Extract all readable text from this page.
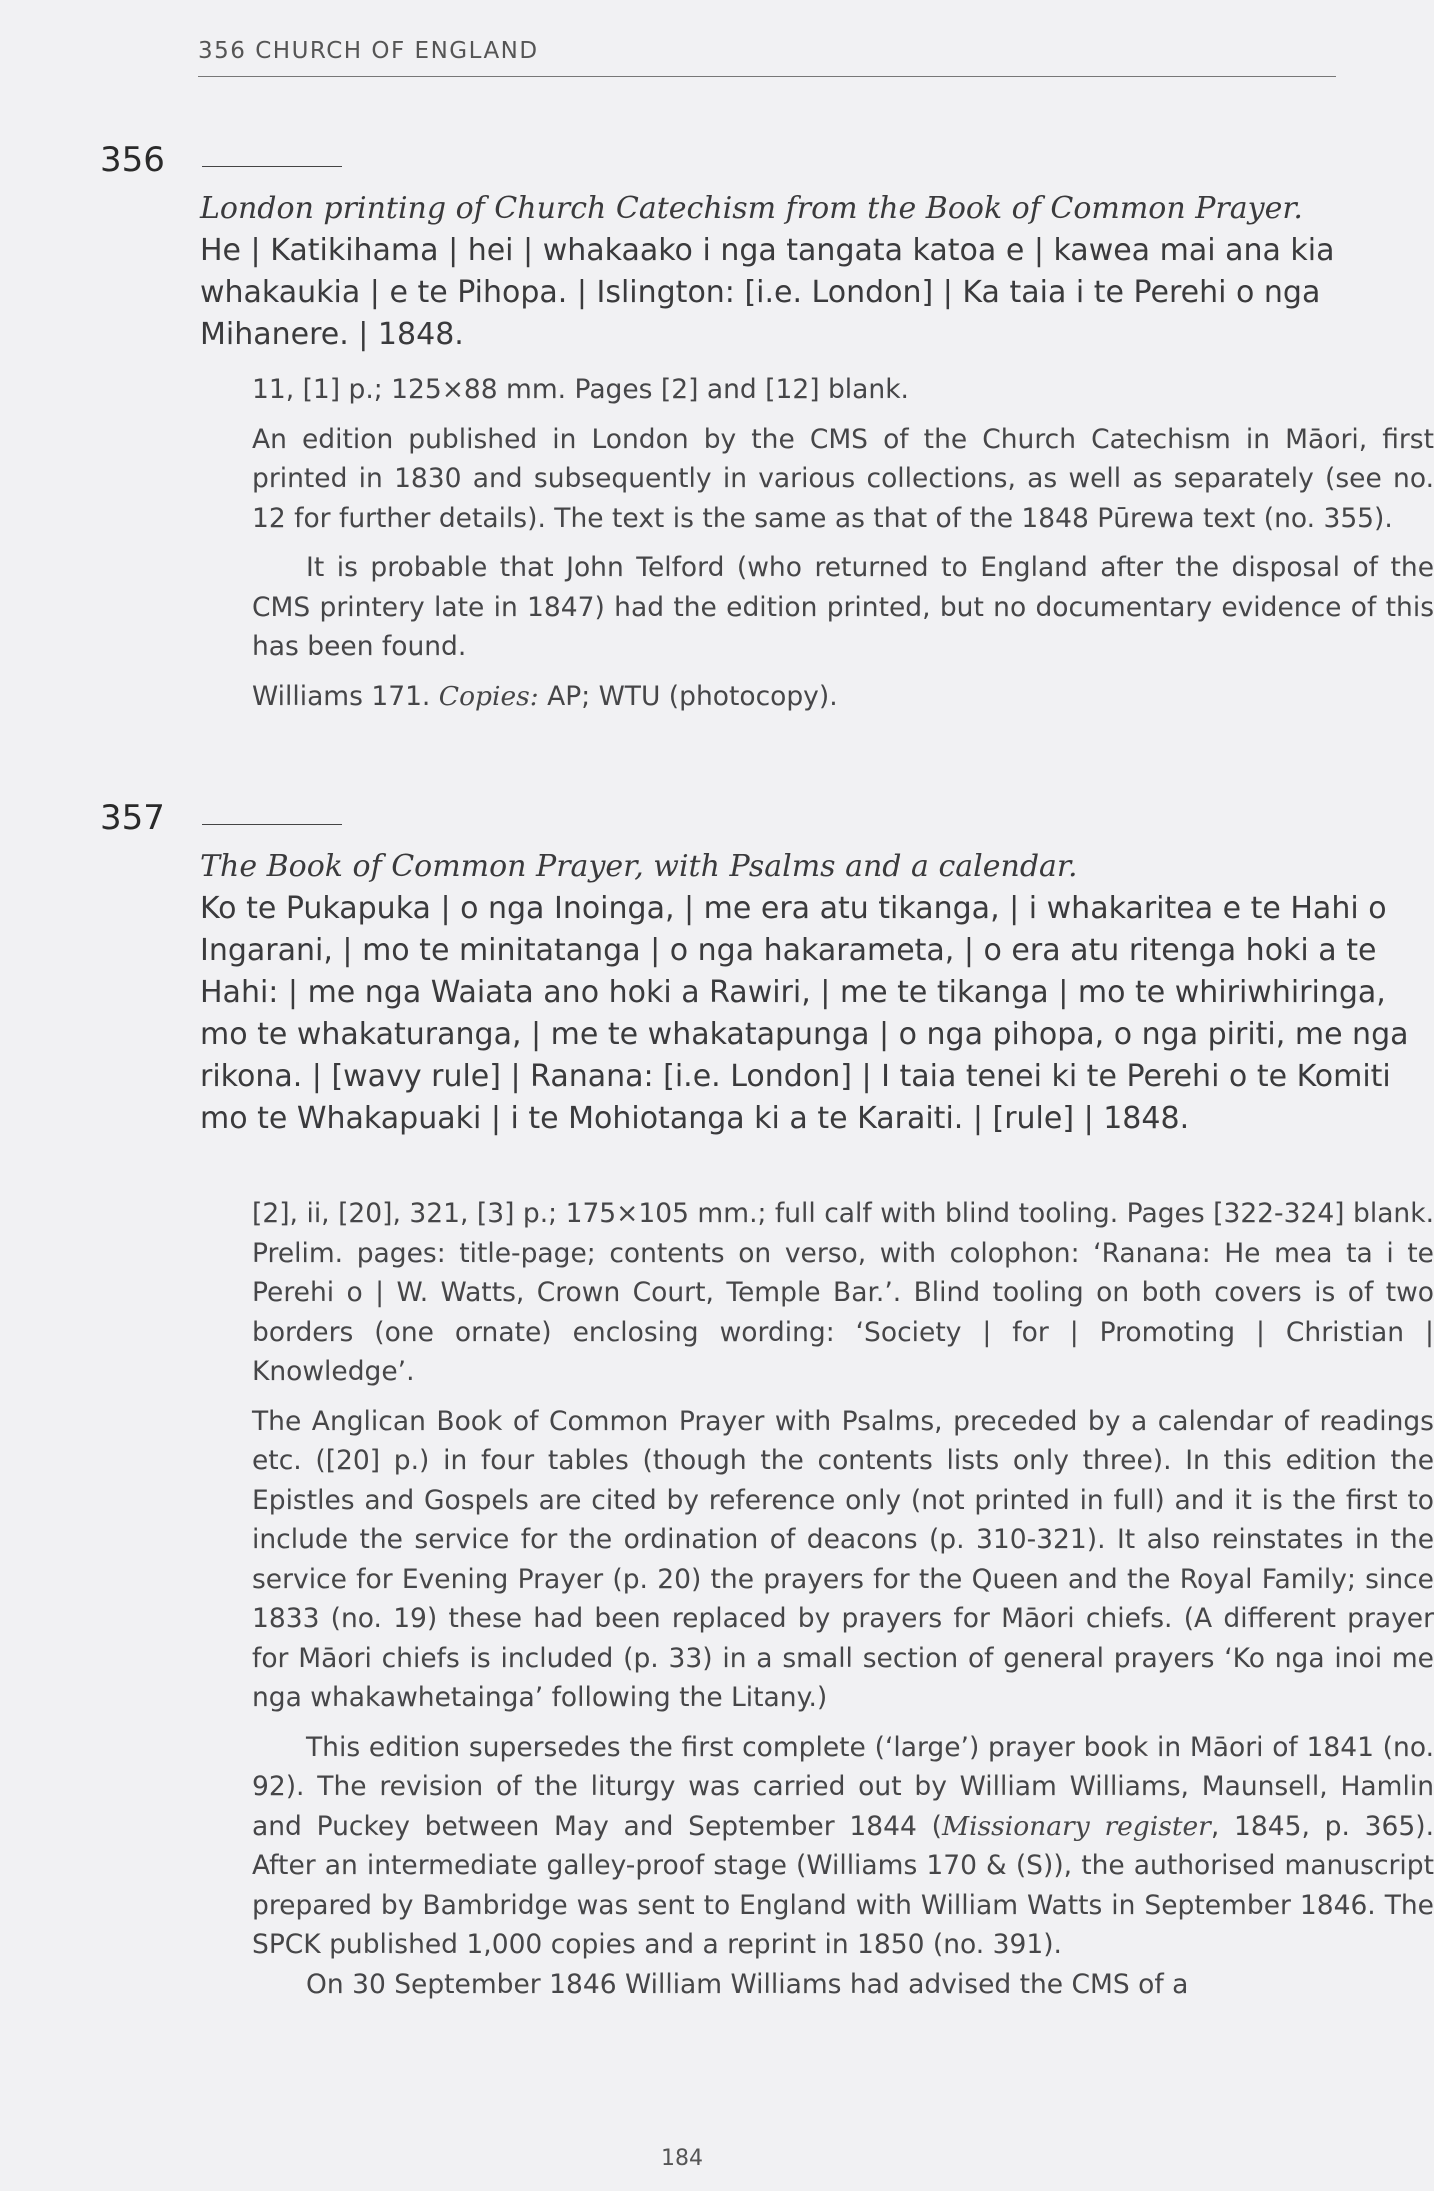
356 CHURCH OF ENGLAND
356
London printing of Church Catechism from the Book of Common Prayer.
He | Katikihama | hei | whakaako i nga tangata katoa e | kawea mai ana kia whakaukia | e te Pihopa. | Islington: [i.e. London] | Ka taia i te Perehi o nga Mihanere. | 1848.

11, [1] p.; 125×88 mm. Pages [2] and [12] blank.

An edition published in London by the CMS of the Church Catechism in Māori, first printed in 1830 and subsequently in various collections, as well as separately (see no. 12 for further details). The text is the same as that of the 1848 Pūrewa text (no. 355).

It is probable that John Telford (who returned to England after the disposal of the CMS printery late in 1847) had the edition printed, but no documentary evidence of this has been found.

Williams 171. Copies: AP; WTU (photocopy).

357
The Book of Common Prayer, with Psalms and a calendar.
Ko te Pukapuka | o nga Inoinga, | me era atu tikanga, | i whakaritea e te Hahi o Ingarani, | mo te minitatanga | o nga hakarameta, | o era atu ritenga hoki a te Hahi: | me nga Waiata ano hoki a Rawiri, | me te tikanga | mo te whiriwhiringa, mo te whakaturanga, | me te whakatapunga | o nga pihopa, o nga piriti, me nga rikona. | [wavy rule] | Ranana: [i.e. London] | I taia tenei ki te Perehi o te Komiti mo te Whakapuaki | i te Mohiotanga ki a te Karaiti. | [rule] | 1848.

[2], ii, [20], 321, [3] p.; 175×105 mm.; full calf with blind tooling. Pages [322-324] blank. Prelim. pages: title-page; contents on verso, with colophon: ‘Ranana: He mea ta i te Perehi o | W. Watts, Crown Court, Temple Bar.’. Blind tooling on both covers is of two borders (one ornate) enclosing wording: ‘Society | for | Promoting | Christian | Knowledge’.

The Anglican Book of Common Prayer with Psalms, preceded by a calendar of readings etc. ([20] p.) in four tables (though the contents lists only three). In this edition the Epistles and Gospels are cited by reference only (not printed in full) and it is the first to include the service for the ordination of deacons (p. 310-321). It also reinstates in the service for Evening Prayer (p. 20) the prayers for the Queen and the Royal Family; since 1833 (no. 19) these had been replaced by prayers for Māori chiefs. (A different prayer for Māori chiefs is included (p. 33) in a small section of general prayers ‘Ko nga inoi me nga whakawhetainga’ following the Litany.)

This edition supersedes the first complete (‘large’) prayer book in Māori of 1841 (no. 92). The revision of the liturgy was carried out by William Williams, Maunsell, Hamlin and Puckey between May and September 1844 (Missionary register, 1845, p. 365). After an intermediate galley-proof stage (Williams 170 & (S)), the authorised manuscript prepared by Bambridge was sent to England with William Watts in September 1846. The SPCK published 1,000 copies and a reprint in 1850 (no. 391).

On 30 September 1846 William Williams had advised the CMS of a

184
